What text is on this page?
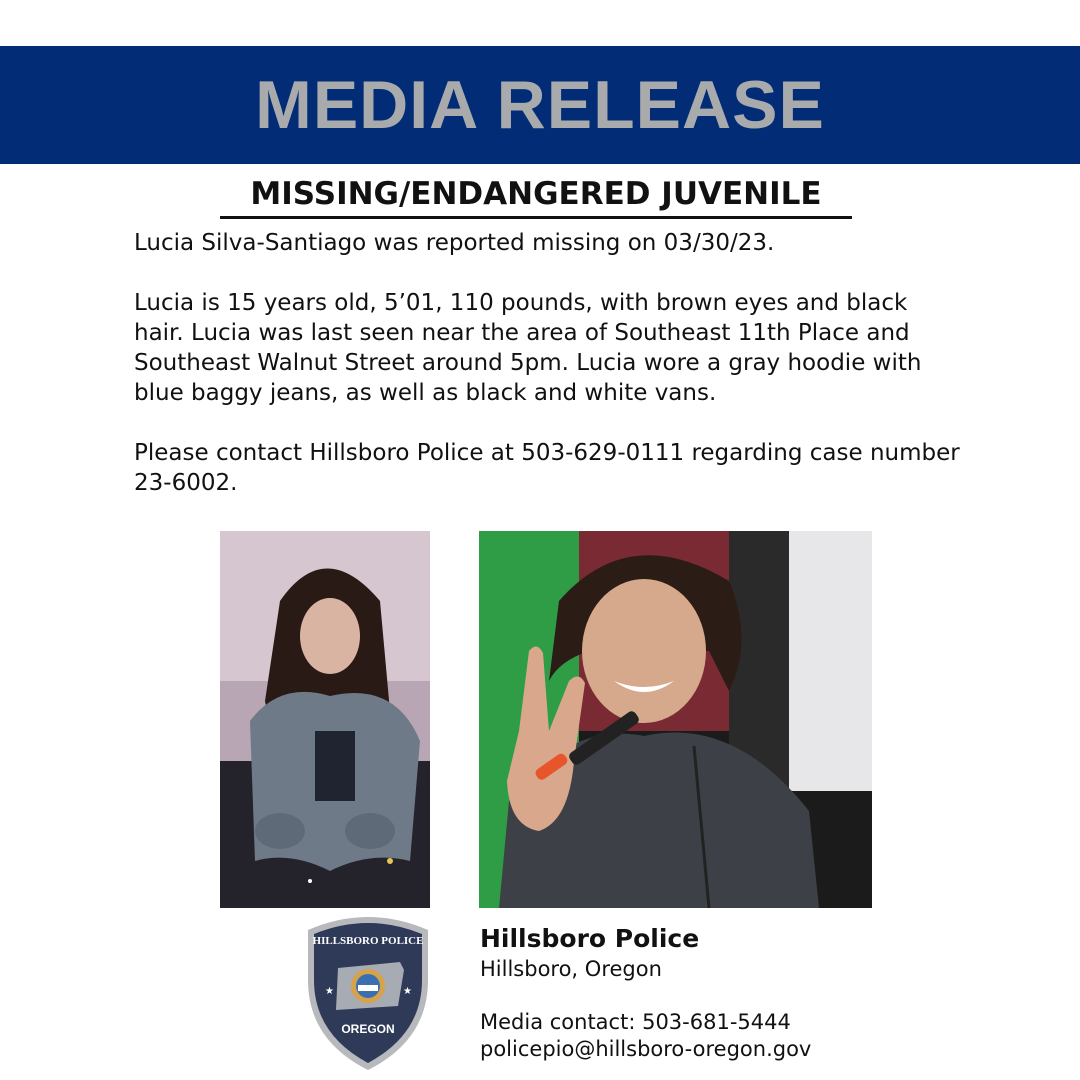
MEDIA RELEASE
MISSING/ENDANGERED JUVENILE

Lucia Silva-Santiago was reported missing on 03/30/23.

Lucia is 15 years old, 5’01, 110 pounds, with brown eyes and black hair. Lucia was last seen near the area of Southeast 11th Place and Southeast Walnut Street around 5pm. Lucia wore a gray hoodie with blue baggy jeans, as well as black and white vans.

Please contact Hillsboro Police at 503-629-0111 regarding case number 23-6002.

★	★
HILLSBORO POLICE
OREGON
Hillsboro Police
Hillsboro, Oregon
Media contact: 503-681-5444
policepio@hillsboro-oregon.gov
